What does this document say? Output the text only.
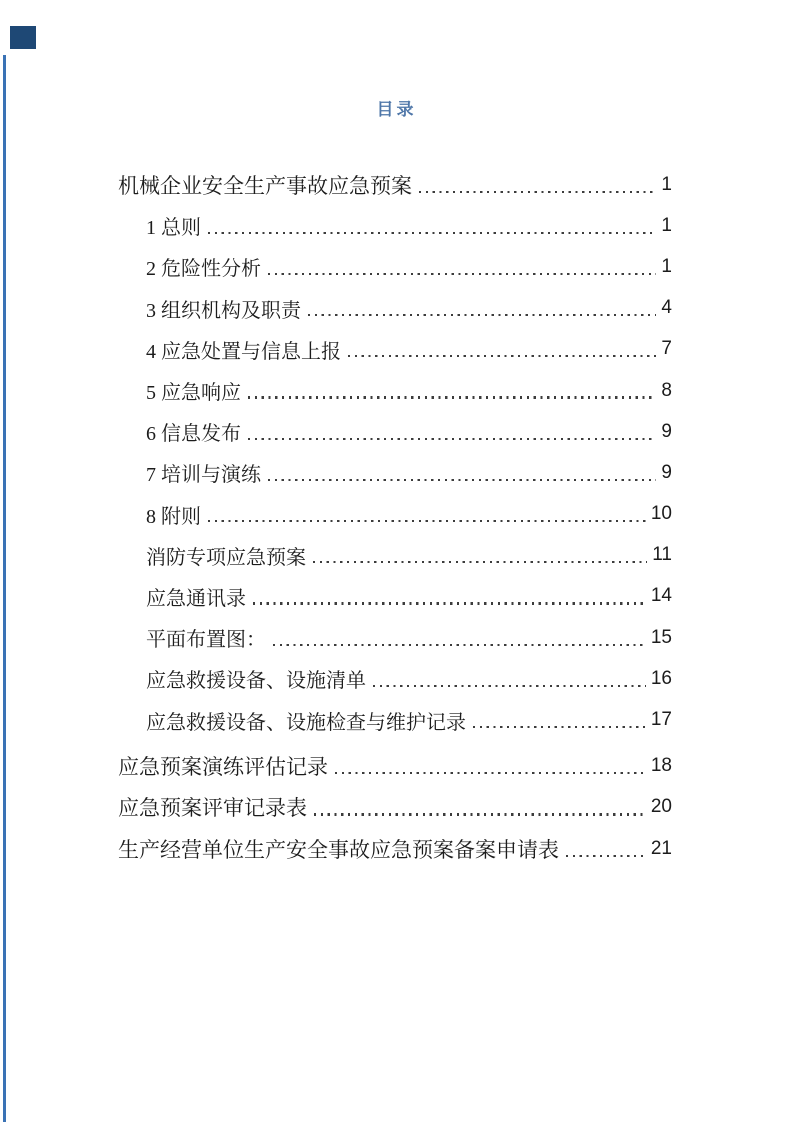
目录
机械企业安全生产事故应急预案	1
1 总则	1
2 危险性分析	1
3 组织机构及职责	4
4 应急处置与信息上报	7
5 应急响应	8
6 信息发布	9
7 培训与演练	9
8 附则	10
消防专项应急预案	11
应急通讯录	14
平面布置图：	15
应急救援设备、设施清单	16
应急救援设备、设施检查与维护记录	17
应急预案演练评估记录	18
应急预案评审记录表	20
生产经营单位生产安全事故应急预案备案申请表	21
